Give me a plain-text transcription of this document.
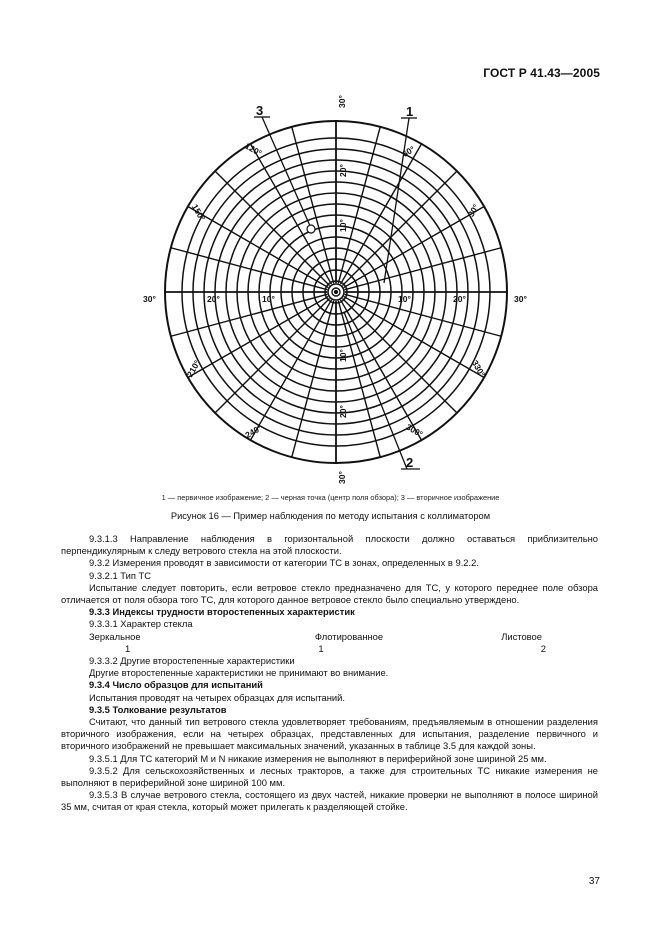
ГОСТ Р 41.43—2005
1
2
3
30°
30°
30°	30°
10°
20°
10°
20°
10°
20°	10°	20°
60°
30°
120°
150°
210°
240°	300°
330°
1 — первичное изображение; 2 — черная точка (центр поля обзора); 3 — вторичное изображение
Рисунок 16 — Пример наблюдения по методу испытания с коллиматором

9.3.1.3 Направление наблюдения в горизонтальной плоскости должно оставаться приблизительно перпендикулярным к следу ветрового стекла на этой плоскости.

9.3.2 Измерения проводят в зависимости от категории ТС в зонах, определенных в 9.2.2.

9.3.2.1 Тип ТС

Испытание следует повторить, если ветровое стекло предназначено для ТС, у которого переднее поле обзора отличается от поля обзора того ТС, для которого данное ветровое стекло было специально утверждено.

9.3.3 Индексы трудности второстепенных характеристик

9.3.3.1 Характер стекла

Зеркальное	Флотированное	Листовое
1	1	2

9.3.3.2 Другие второстепенные характеристики

Другие второстепенные характеристики не принимают во внимание.

9.3.4 Число образцов для испытаний

Испытания проводят на четырех образцах для испытаний.

9.3.5 Толкование результатов

Считают, что данный тип ветрового стекла удовлетворяет требованиям, предъявляемым в отношении разделения вторичного изображения, если на четырех образцах, представленных для испытания, разделение первичного и вторичного изображений не превышает максимальных значений, указанных в таблице 3.5 для каждой зоны.

9.3.5.1 Для ТС категорий M и N никакие измерения не выполняют в периферийной зоне шириной 25 мм.

9.3.5.2 Для сельскохозяйственных и лесных тракторов, а также для строительных ТС никакие измерения не выполняют в периферийной зоне шириной 100 мм.

9.3.5.3 В случае ветрового стекла, состоящего из двух частей, никакие проверки не выполняют в полосе шириной 35 мм, считая от края стекла, который может прилегать к разделяющей стойке.

37
